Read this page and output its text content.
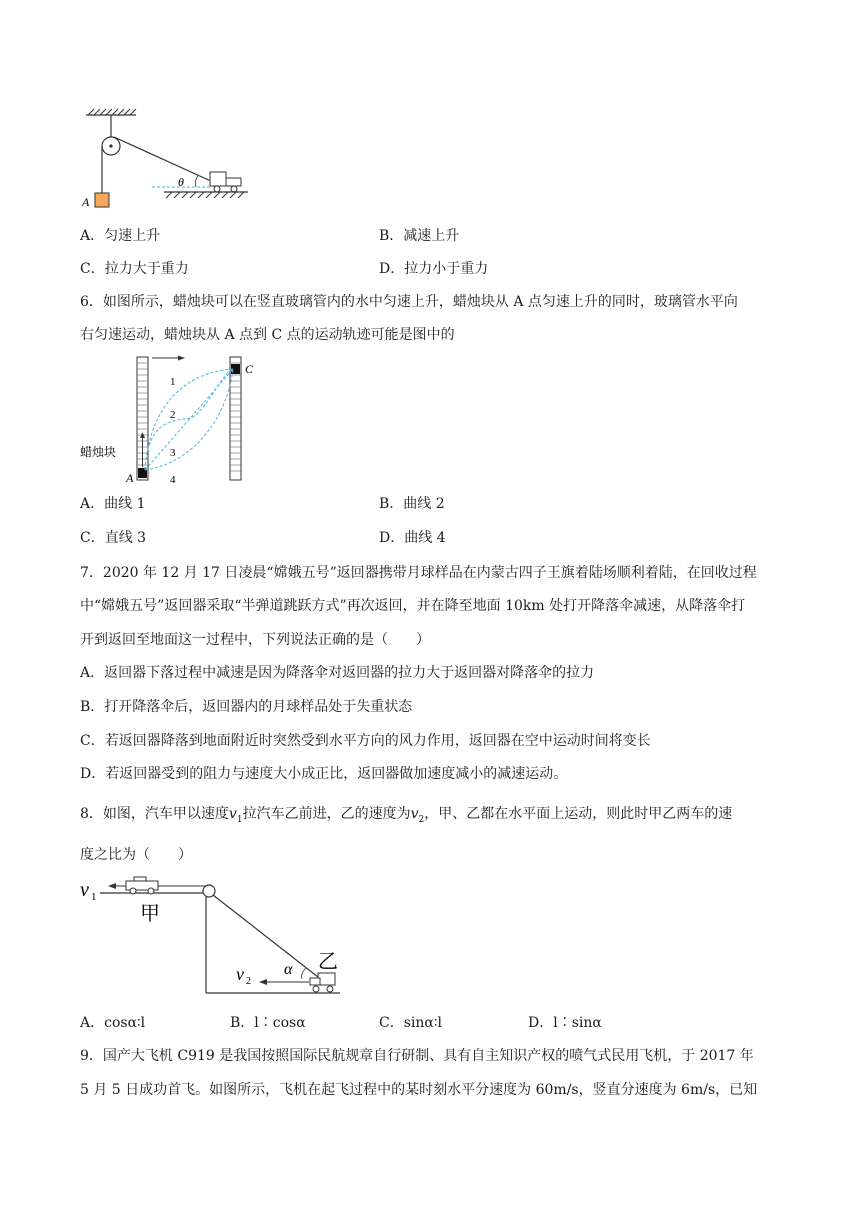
A
θ
A．匀速上升	B．减速上升
C．拉力大于重力	D．拉力小于重力
6．如图所示，蜡烛块可以在竖直玻璃管内的水中匀速上升，蜡烛块从 A 点匀速上升的同时，玻璃管水平向
右匀速运动，蜡烛块从 A 点到 C 点的运动轨迹可能是图中的
1
2
3
4
C
A
蜡烛块
A．曲线 1	B．曲线 2
C．直线 3	D．曲线 4
7．2020 年 12 月 17 日凌晨“嫦娥五号”返回器携带月球样品在内蒙古四子王旗着陆场顺利着陆，在回收过程
中“嫦娥五号”返回器采取“半弹道跳跃方式”再次返回，并在降至地面 10km 处打开降落伞减速，从降落伞打
开到返回至地面这一过程中，下列说法正确的是（　　）
A．返回器下落过程中减速是因为降落伞对返回器的拉力大于返回器对降落伞的拉力
B．打开降落伞后，返回器内的月球样品处于失重状态
C．若返回器降落到地面附近时突然受到水平方向的风力作用，返回器在空中运动时间将变长
D．若返回器受到的阻力与速度大小成正比，返回器做加速度减小的减速运动。
8．如图，汽车甲以速度$v_1$拉汽车乙前进，乙的速度为$v_2$，甲、乙都在水平面上运动，则此时甲乙两车的速
度之比为（　　）
v 1
甲
α 乙
v 2
A．cosα∶l	B．l∶cosα	C．sinα∶l	D．l∶sinα
9．国产大飞机 C919 是我国按照国际民航规章自行研制、具有自主知识产权的喷气式民用飞机，于 2017 年
5 月 5 日成功首飞。如图所示，飞机在起飞过程中的某时刻水平分速度为 60m/s，竖直分速度为 6m/s，已知
